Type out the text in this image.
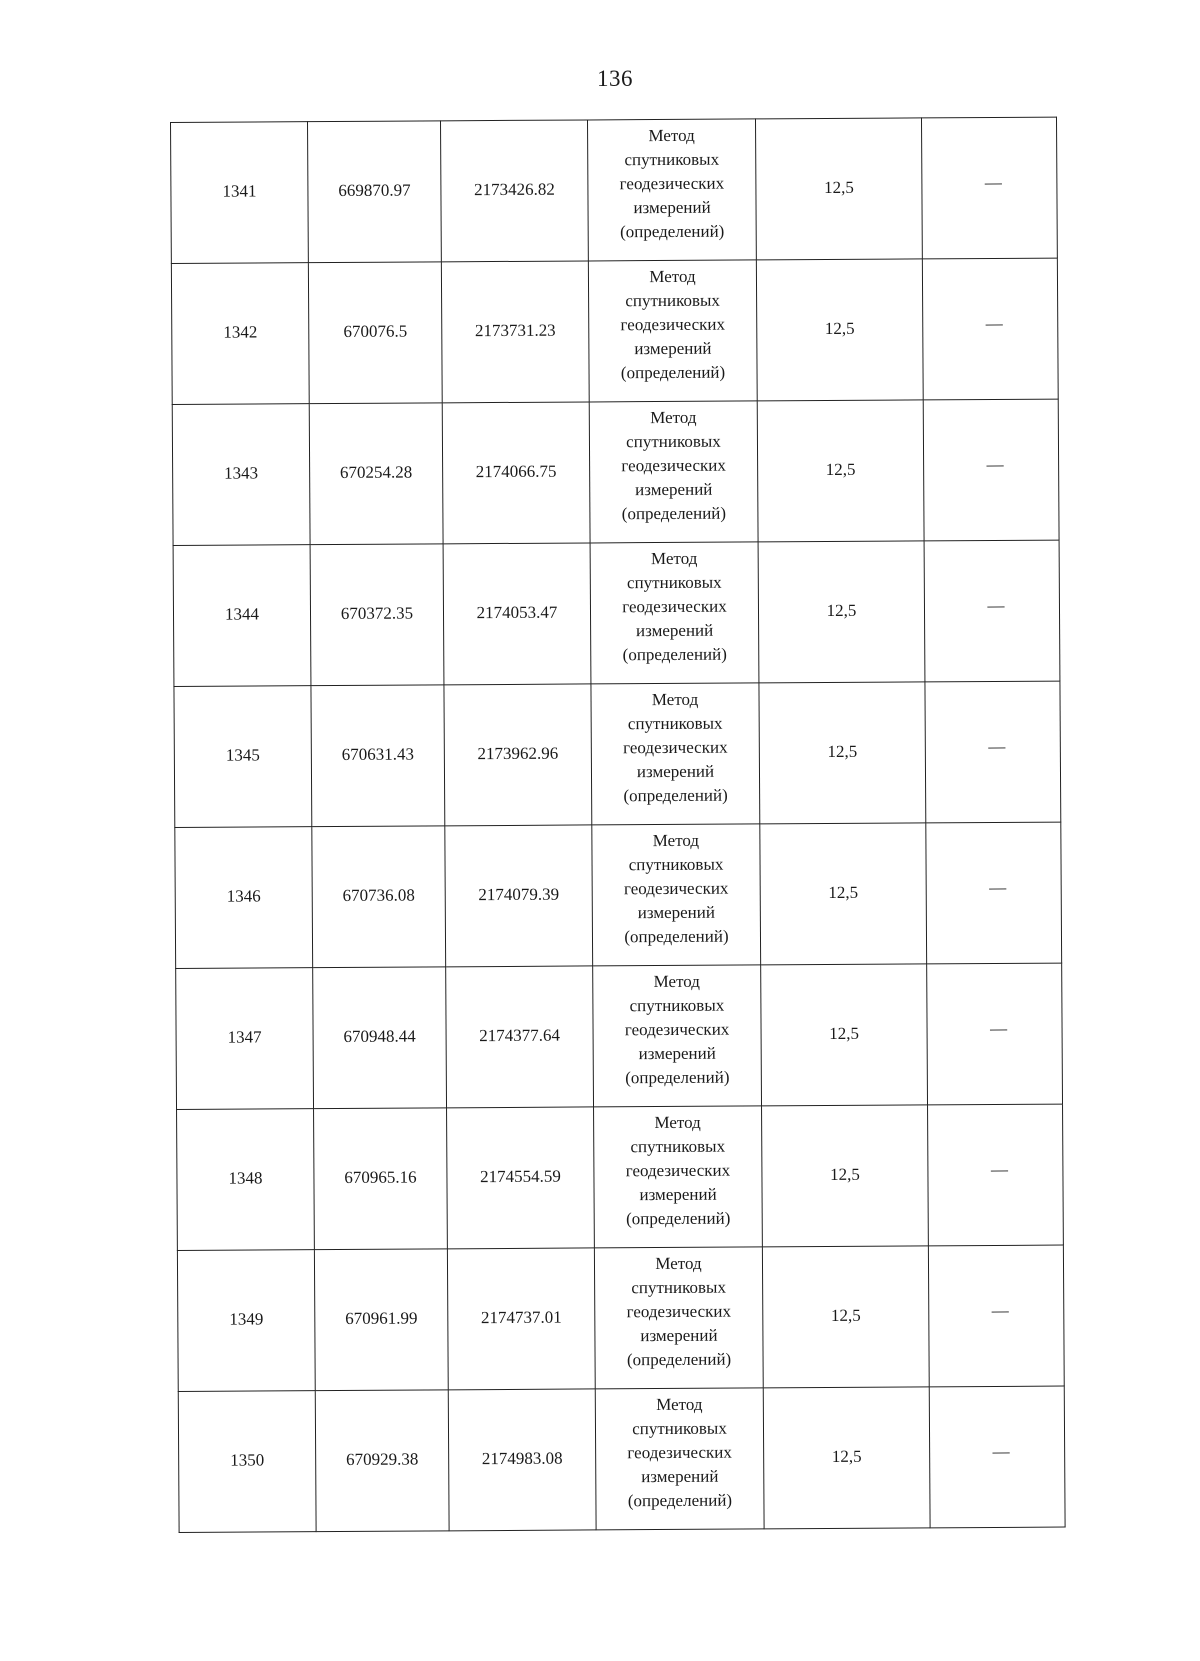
136
1341	669870.97	2173426.82	Метод
спутниковых
геодезических
измерений
(определений)	12,5	—
1342	670076.5	2173731.23	Метод
спутниковых
геодезических
измерений
(определений)	12,5	—
1343	670254.28	2174066.75	Метод
спутниковых
геодезических
измерений
(определений)	12,5	—
1344	670372.35	2174053.47	Метод
спутниковых
геодезических
измерений
(определений)	12,5	—
1345	670631.43	2173962.96	Метод
спутниковых
геодезических
измерений
(определений)	12,5	—
1346	670736.08	2174079.39	Метод
спутниковых
геодезических
измерений
(определений)	12,5	—
1347	670948.44	2174377.64	Метод
спутниковых
геодезических
измерений
(определений)	12,5	—
1348	670965.16	2174554.59	Метод
спутниковых
геодезических
измерений
(определений)	12,5	—
1349	670961.99	2174737.01	Метод
спутниковых
геодезических
измерений
(определений)	12,5	—
1350	670929.38	2174983.08	Метод
спутниковых
геодезических
измерений
(определений)	12,5	—
